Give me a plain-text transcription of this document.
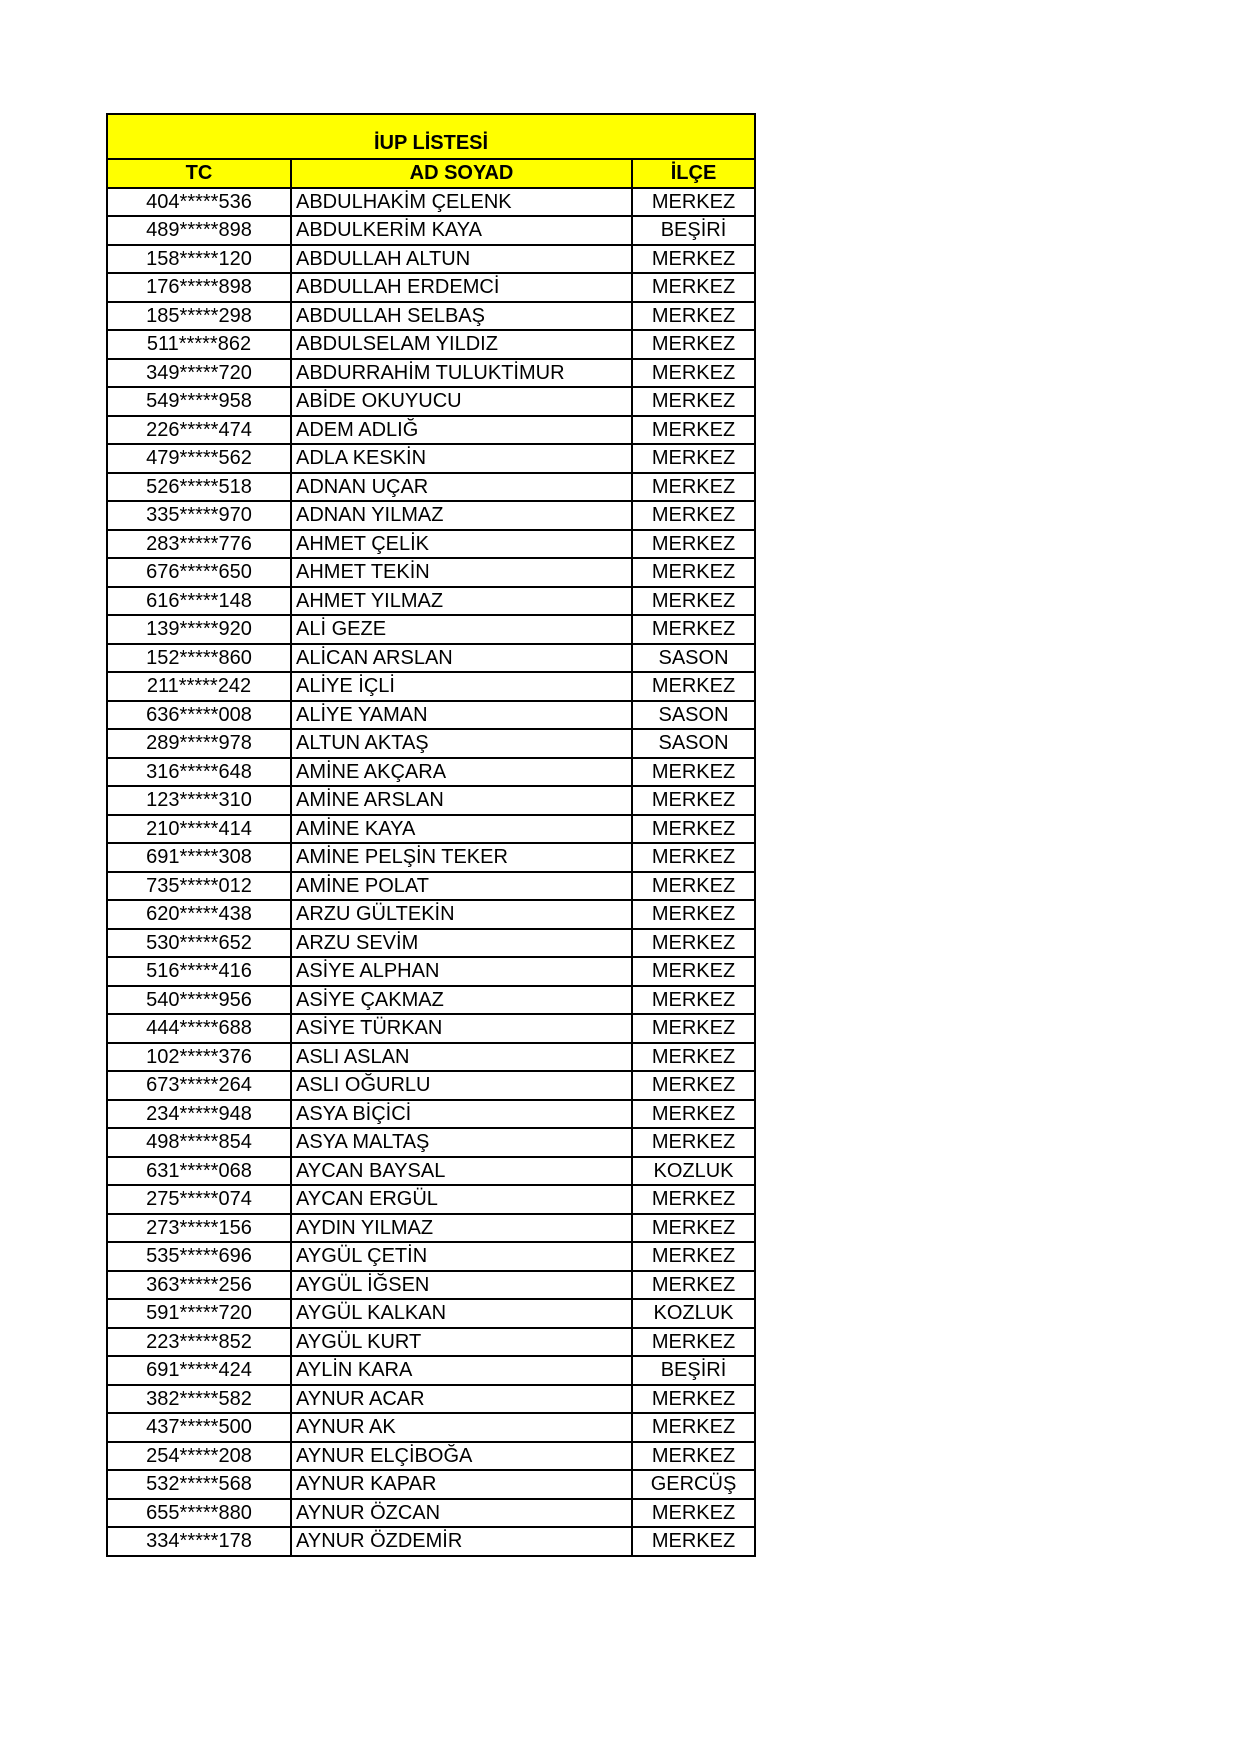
İUP LİSTESİ		
TC	AD SOYAD	İLÇE
404*****536	ABDULHAKİM ÇELENK	MERKEZ
489*****898	ABDULKERİM KAYA	BEŞİRİ
158*****120	ABDULLAH ALTUN	MERKEZ
176*****898	ABDULLAH ERDEMCİ	MERKEZ
185*****298	ABDULLAH SELBAŞ	MERKEZ
511*****862	ABDULSELAM YILDIZ	MERKEZ
349*****720	ABDURRAHİM TULUKTİMUR	MERKEZ
549*****958	ABİDE OKUYUCU	MERKEZ
226*****474	ADEM ADLIĞ	MERKEZ
479*****562	ADLA KESKİN	MERKEZ
526*****518	ADNAN UÇAR	MERKEZ
335*****970	ADNAN YILMAZ	MERKEZ
283*****776	AHMET ÇELİK	MERKEZ
676*****650	AHMET TEKİN	MERKEZ
616*****148	AHMET YILMAZ	MERKEZ
139*****920	ALİ GEZE	MERKEZ
152*****860	ALİCAN ARSLAN	SASON
211*****242	ALİYE İÇLİ	MERKEZ
636*****008	ALİYE YAMAN	SASON
289*****978	ALTUN AKTAŞ	SASON
316*****648	AMİNE AKÇARA	MERKEZ
123*****310	AMİNE ARSLAN	MERKEZ
210*****414	AMİNE KAYA	MERKEZ
691*****308	AMİNE PELŞİN TEKER	MERKEZ
735*****012	AMİNE POLAT	MERKEZ
620*****438	ARZU GÜLTEKİN	MERKEZ
530*****652	ARZU SEVİM	MERKEZ
516*****416	ASİYE ALPHAN	MERKEZ
540*****956	ASİYE ÇAKMAZ	MERKEZ
444*****688	ASİYE TÜRKAN	MERKEZ
102*****376	ASLI ASLAN	MERKEZ
673*****264	ASLI OĞURLU	MERKEZ
234*****948	ASYA BİÇİCİ	MERKEZ
498*****854	ASYA MALTAŞ	MERKEZ
631*****068	AYCAN BAYSAL	KOZLUK
275*****074	AYCAN ERGÜL	MERKEZ
273*****156	AYDIN YILMAZ	MERKEZ
535*****696	AYGÜL ÇETİN	MERKEZ
363*****256	AYGÜL İĞSEN	MERKEZ
591*****720	AYGÜL KALKAN	KOZLUK
223*****852	AYGÜL KURT	MERKEZ
691*****424	AYLİN KARA	BEŞİRİ
382*****582	AYNUR ACAR	MERKEZ
437*****500	AYNUR AK	MERKEZ
254*****208	AYNUR ELÇİBOĞA	MERKEZ
532*****568	AYNUR KAPAR	GERCÜŞ
655*****880	AYNUR ÖZCAN	MERKEZ
334*****178	AYNUR ÖZDEMİR	MERKEZ
